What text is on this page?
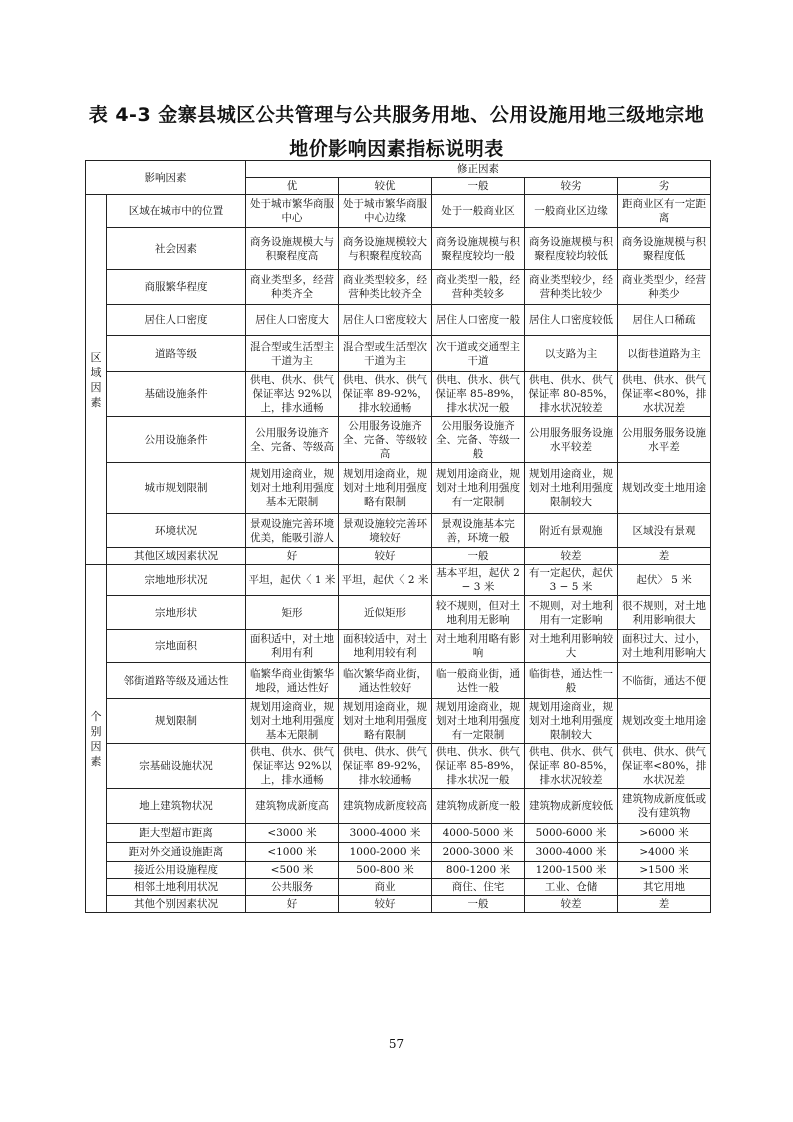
表 4-3 金寨县城区公共管理与公共服务用地、公用设施用地三级地宗地
地价影响因素指标说明表
影响因素		修正因素				
		优	较优	一般	较劣	劣

区
域
因
素	区域在城市中的位置	处于城市繁华商服中心	处于城市繁华商服中心边缘	处于一般商业区	一般商业区边缘	距商业区有一定距离
	社会因素	商务设施规模大与积聚程度高	商务设施规模较大与积聚程度较高	商务设施规模与积聚程度较均一般	商务设施规模与积聚程度较均较低	商务设施规模与积聚程度低
	商服繁华程度	商业类型多，经营种类齐全	商业类型较多，经营种类比较齐全	商业类型一般，经营种类较多	商业类型较少，经营种类比较少	商业类型少，经营种类少
	居住人口密度	居住人口密度大	居住人口密度较大	居住人口密度一般	居住人口密度较低	居住人口稀疏
	道路等级	混合型或生活型主干道为主	混合型或生活型次干道为主	次干道或交通型主干道	以支路为主	以街巷道路为主
	基础设施条件	供电、供水、供气保证率达 92%以上，排水通畅	供电、供水、供气保证率 89-92%，排水较通畅	供电、供水、供气保证率 85-89%，排水状况一般	供电、供水、供气保证率 80-85%，排水状况较差	供电、供水、供气保证率<80%，排水状况差
	公用设施条件	公用服务设施齐全、完备、等级高	公用服务设施齐全、完备、等级较高	公用服务设施齐全、完备、等级一般	公用服务服务设施水平较差	公用服务服务设施水平差
	城市规划限制	规划用途商业，规划对土地利用强度基本无限制	规划用途商业，规划对土地利用强度略有限制	规划用途商业，规划对土地利用强度有一定限制	规划用途商业，规划对土地利用强度限制较大	规划改变土地用途
	环境状况	景观设施完善环境优美，能吸引游人	景观设施较完善环境较好	景观设施基本完善，环境一般	附近有景观施	区域没有景观
	其他区域因素状况	好	较好	一般	较差	差

个
别
因
素	宗地地形状况	平坦，起伏〈 1 米	平坦，起伏〈 2 米	基本平坦，起伏 2 − 3 米	有一定起伏，起伏 3 − 5 米	起伏〉 5 米
	宗地形状	矩形	近似矩形	较不规则，但对土地利用无影响	不规则，对土地利用有一定影响	很不规则，对土地利用影响很大
	宗地面积	面积适中，对土地利用有利	面积较适中，对土地利用较有利	对土地利用略有影响	对土地利用影响较大	面积过大、过小，对土地利用影响大
	邻街道路等级及通达性	临繁华商业街繁华地段，通达性好	临次繁华商业街，通达性较好	临一般商业街，通达性一般	临街巷，通达性一般	不临街，通达不便
	规划限制	规划用途商业，规划对土地利用强度基本无限制	规划用途商业，规划对土地利用强度略有限制	规划用途商业，规划对土地利用强度有一定限制	规划用途商业，规划对土地利用强度限制较大	规划改变土地用途
	宗基础设施状况	供电、供水、供气保证率达 92%以上，排水通畅	供电、供水、供气保证率 89-92%，排水较通畅	供电、供水、供气保证率 85-89%，排水状况一般	供电、供水、供气保证率 80-85%，排水状况较差	供电、供水、供气保证率<80%，排水状况差
	地上建筑物状况	建筑物成新度高	建筑物成新度较高	建筑物成新度一般	建筑物成新度较低	建筑物成新度低或没有建筑物
	距大型超市距离	<3000 米	3000-4000 米	4000-5000 米	5000-6000 米	>6000 米
	距对外交通设施距离	<1000 米	1000-2000 米	2000-3000 米	3000-4000 米	>4000 米
	接近公用设施程度	<500 米	500-800 米	800-1200 米	1200-1500 米	>1500 米
	相邻土地利用状况	公共服务	商业	商住、住宅	工业、仓储	其它用地
	其他个别因素状况	好	较好	一般	较差	差
57
